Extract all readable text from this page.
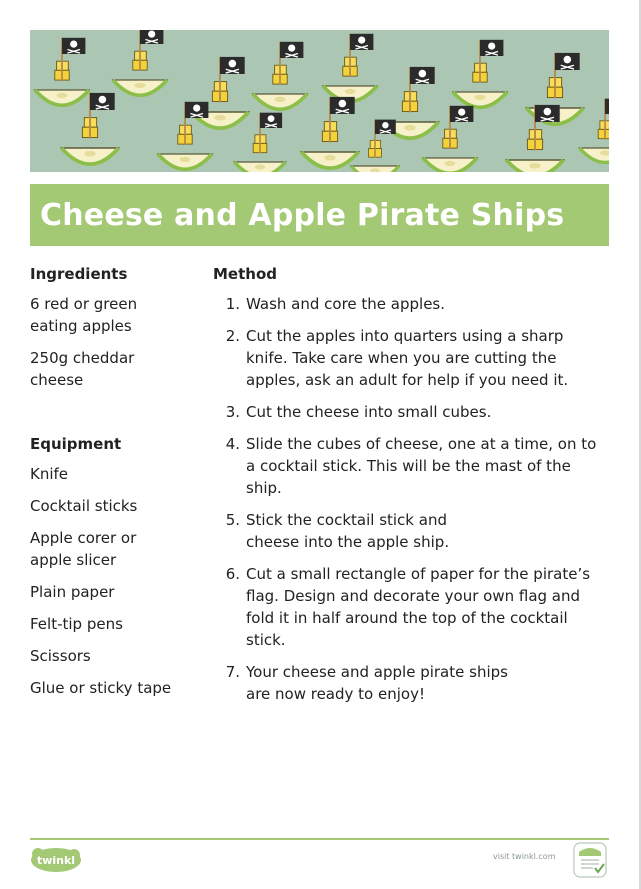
Cheese and Apple Pirate Ships
Ingredients
6 red or green eating apples
250g cheddar cheese
Equipment
Knife
Cocktail sticks
Apple corer or apple slicer
Plain paper
Felt-tip pens
Scissors
Glue or sticky tape
Method
1. Wash and core the apples.
2. Cut the apples into quarters using a sharp knife. Take care when you are cutting the apples, ask an adult for help if you need it.
3. Cut the cheese into small cubes.
4. Slide the cubes of cheese, one at a time, on to a cocktail stick. This will be the mast of the ship.
5. Stick the cocktail stick and cheese into the apple ship.
6. Cut a small rectangle of paper for the pirate’s flag. Design and decorate your own flag and fold it in half around the top of the cocktail stick.
7. Your cheese and apple pirate ships are now ready to enjoy!
twinkl	visit twinkl.com
